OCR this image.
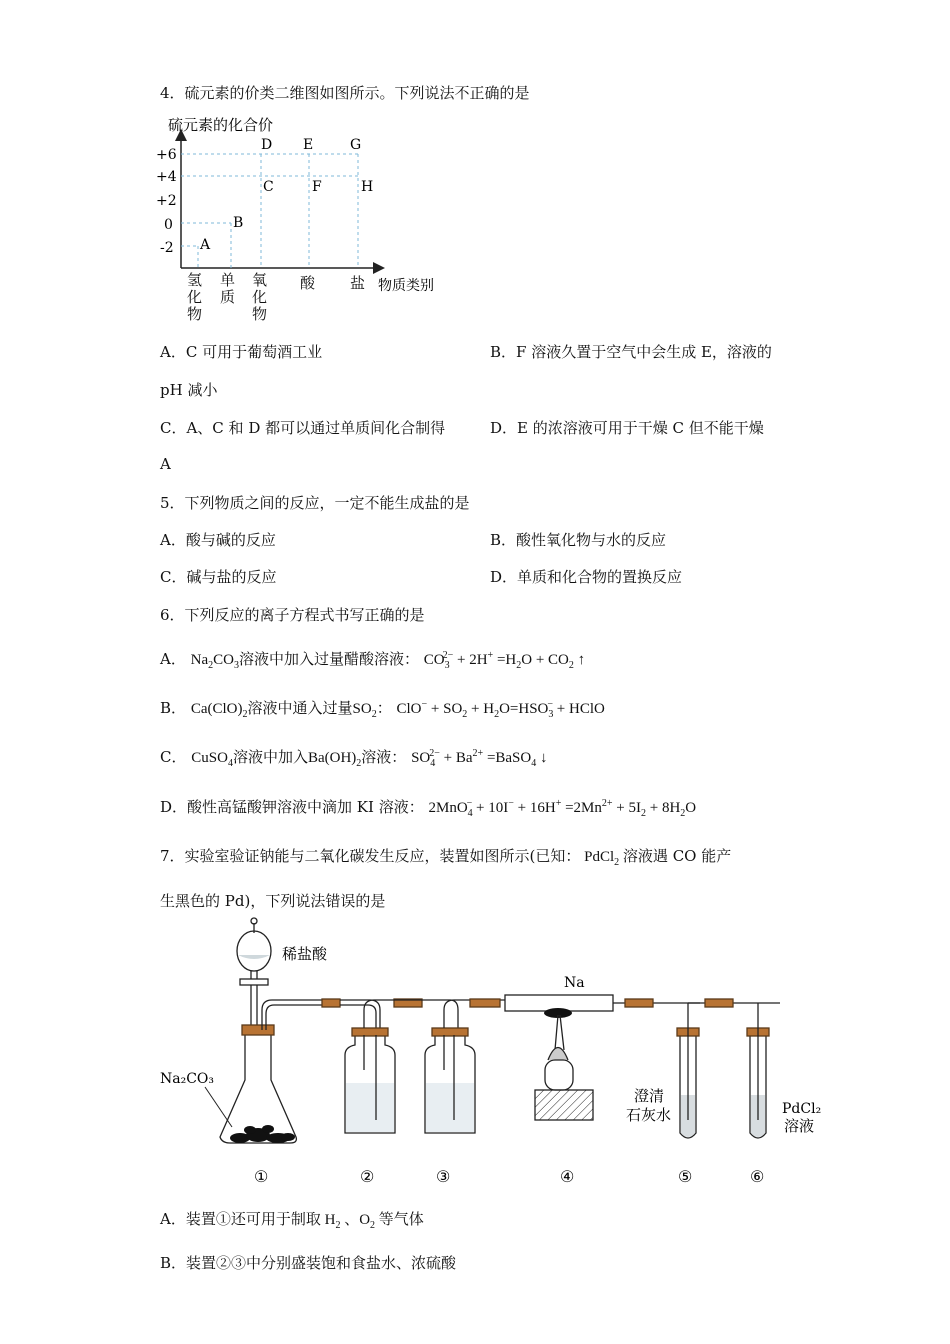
4．硫元素的价类二维图如图所示。下列说法不正确的是
硫元素的化合价
+6
+4
+2
0
-2 A
B
C
D E
F
G
H
物质类别
氢化物
单质
氧化物
酸 盐
A．C 可用于葡萄酒工业	B．F 溶液久置于空气中会生成 E，溶液的
pH 减小
C．A、C 和 D 都可以通过单质间化合制得	D．E 的浓溶液可用于干燥 C 但不能干燥
A
5．下列物质之间的反应，一定不能生成盐的是
A．酸与碱的反应	B．酸性氧化物与水的反应
C．碱与盐的反应	D．单质和化合物的置换反应
6．下列反应的离子方程式书写正确的是
A． $Na_2CO_3$溶液中加入过量醋酸溶液： $CO_3^{2-} + 2H^+ =H_2O + CO_2$ ↑
B． $Ca(ClO)_2$溶液中通入过量$SO_2$： $ClO^- + SO_2 + H_2O=HSO_3^-$ + HClO
C． CuSO$_4$溶液中加入$Ba(OH)_2$溶液： $SO_4^{2-} + Ba^{2+}$ =BaSO$_4$ ↓
D．酸性高锰酸钾溶液中滴加 KI 溶液： $2MnO_4^- + 10I^- + 16H^+ =2Mn^{2+} + 5I_2 + 8H_2O$
7．实验室验证钠能与二氧化碳发生反应，装置如图所示(已知： PdCl$_2$ 溶液遇 CO 能产
生黑色的 Pd)，下列说法错误的是
稀盐酸
Na₂CO₃
Na
澄清
石灰水	PdCl₂
溶液
①	②	③	④	⑤	⑥
A．装置①还可用于制取 $H_2$ 、$O_2$ 等气体
B．装置②③中分别盛装饱和食盐水、浓硫酸
